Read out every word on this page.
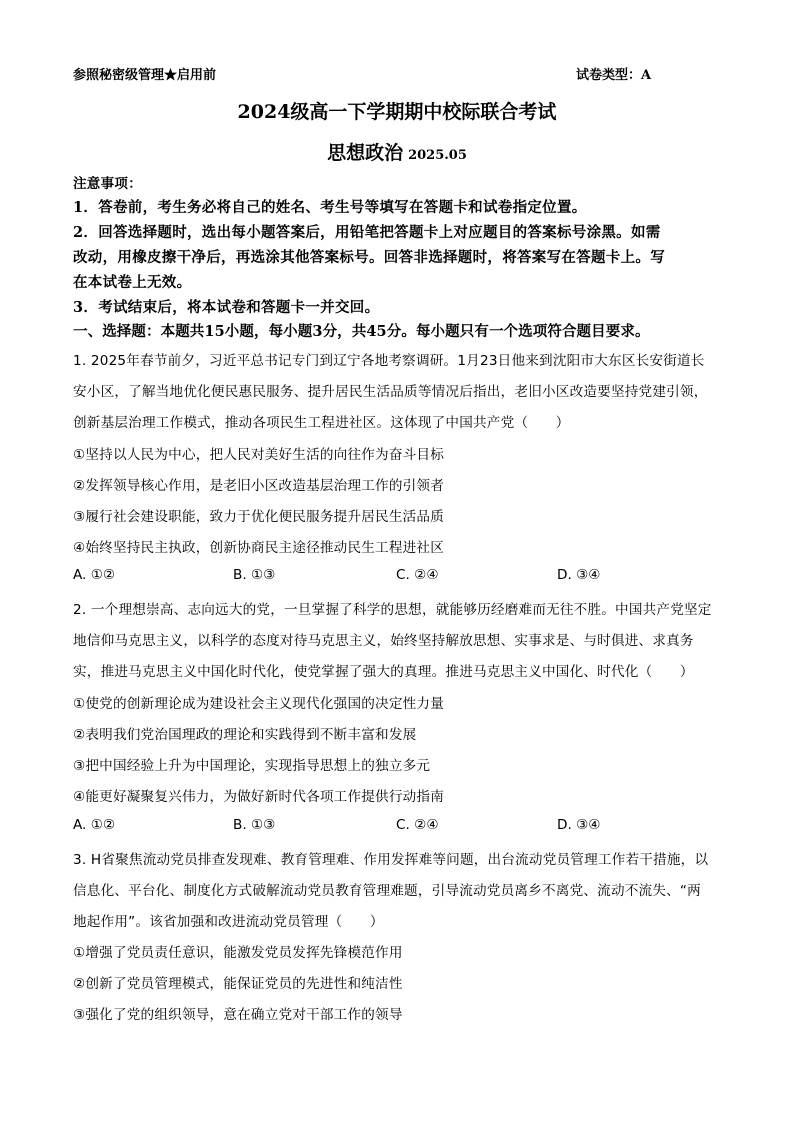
参照秘密级管理★启用前	试卷类型：A
2024级高一下学期期中校际联合考试
思想政治 2025.05
注意事项：
1．答卷前，考生务必将自己的姓名、考生号等填写在答题卡和试卷指定位置。
2．回答选择题时，选出每小题答案后，用铅笔把答题卡上对应题目的答案标号涂黑。如需
改动，用橡皮擦干净后，再选涂其他答案标号。回答非选择题时，将答案写在答题卡上。写
在本试卷上无效。
3．考试结束后，将本试卷和答题卡一并交回。
一、选择题：本题共15小题，每小题3分，共45分。每小题只有一个选项符合题目要求。
1. 2025年春节前夕，习近平总书记专门到辽宁各地考察调研。1月23日他来到沈阳市大东区长安街道长
安小区，了解当地优化便民惠民服务、提升居民生活品质等情况后指出，老旧小区改造要坚持党建引领，
创新基层治理工作模式，推动各项民生工程进社区。这体现了中国共产党（　　）
①坚持以人民为中心，把人民对美好生活的向往作为奋斗目标
②发挥领导核心作用，是老旧小区改造基层治理工作的引领者
③履行社会建设职能，致力于优化便民服务提升居民生活品质
④始终坚持民主执政，创新协商民主途径推动民生工程进社区
A. ①②	B. ①③	C. ②④	D. ③④
2. 一个理想崇高、志向远大的党，一旦掌握了科学的思想，就能够历经磨难而无往不胜。中国共产党坚定
地信仰马克思主义，以科学的态度对待马克思主义，始终坚持解放思想、实事求是、与时俱进、求真务
实，推进马克思主义中国化时代化，使党掌握了强大的真理。推进马克思主义中国化、时代化（　　）
①使党的创新理论成为建设社会主义现代化强国的决定性力量
②表明我们党治国理政的理论和实践得到不断丰富和发展
③把中国经验上升为中国理论，实现指导思想上的独立多元
④能更好凝聚复兴伟力，为做好新时代各项工作提供行动指南
A. ①②	B. ①③	C. ②④	D. ③④
3. H省聚焦流动党员排查发现难、教育管理难、作用发挥难等问题，出台流动党员管理工作若干措施，以
信息化、平台化、制度化方式破解流动党员教育管理难题，引导流动党员离乡不离党、流动不流失、“两
地起作用”。该省加强和改进流动党员管理（　　）
①增强了党员责任意识，能激发党员发挥先锋模范作用
②创新了党员管理模式，能保证党员的先进性和纯洁性
③强化了党的组织领导，意在确立党对干部工作的领导
